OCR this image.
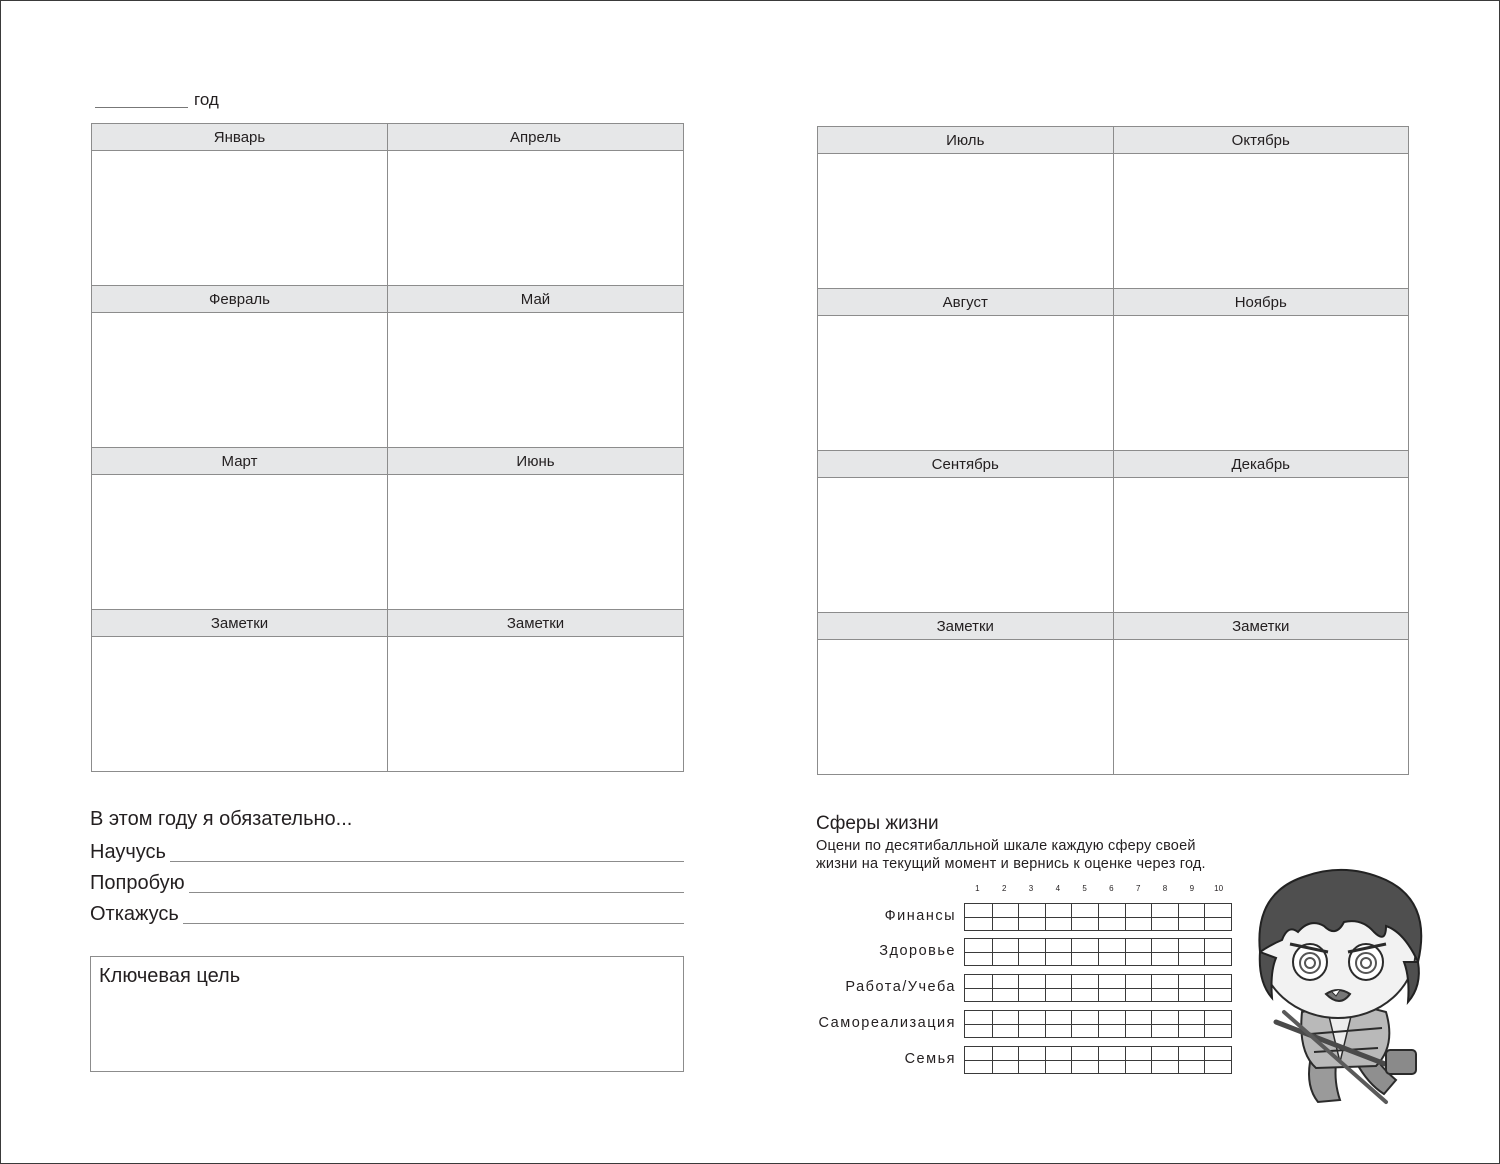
год
Январь	Апрель

Февраль	Май

Март	Июнь

Заметки	Заметки

Июль	Октябрь

Август	Ноябрь

Сентябрь	Декабрь

Заметки	Заметки

В этом году я обязательно...
Научусь
Попробую
Откажусь
Ключевая цель
Сферы жизни
Оцени по десятибалльной шкале каждую сферу своей жизни на текущий момент и вернись к оценке через год.
1	2	3	4	5	6	7	8	9	10
Финансы
Здоровье
Работа/Учеба
Самореализация
Семья
